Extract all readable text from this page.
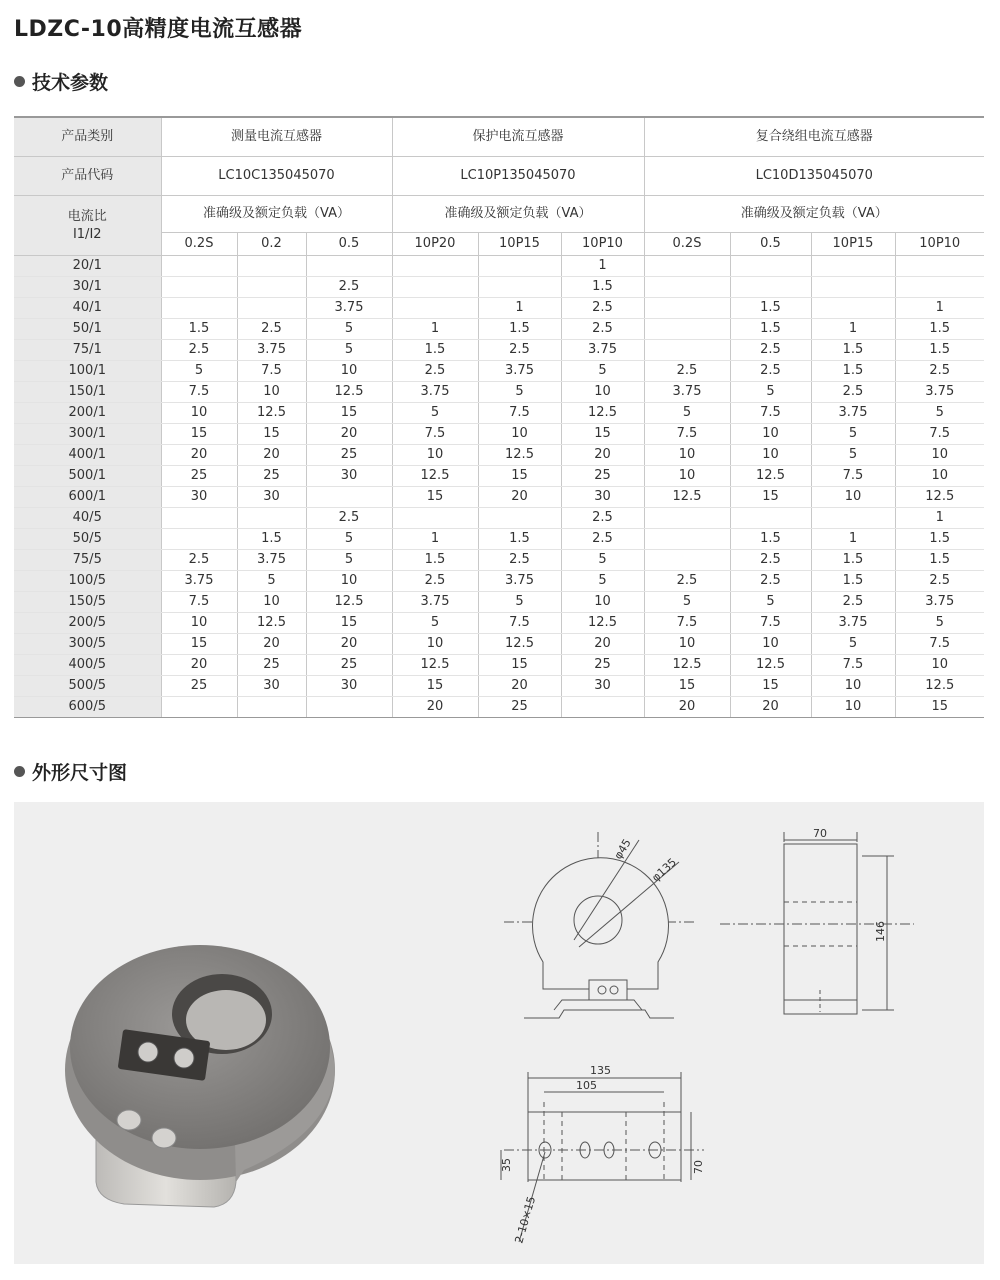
LDZC-10高精度电流互感器
技术参数
产品类别	测量电流互感器			保护电流互感器			复合绕组电流互感器			
产品代码	LC10C135045070			LC10P135045070			LC10D135045070			

电流比
I1/I2	准确级及额定负载（VA）			准确级及额定负载（VA）			准确级及额定负载（VA）			
	0.2S	0.2	0.5	10P20	10P15	10P10	0.2S	0.5	10P15	10P10
20/1						1				
30/1			2.5			1.5				
40/1			3.75		1	2.5		1.5		1
50/1	1.5	2.5	5	1	1.5	2.5		1.5	1	1.5
75/1	2.5	3.75	5	1.5	2.5	3.75		2.5	1.5	1.5
100/1	5	7.5	10	2.5	3.75	5	2.5	2.5	1.5	2.5
150/1	7.5	10	12.5	3.75	5	10	3.75	5	2.5	3.75
200/1	10	12.5	15	5	7.5	12.5	5	7.5	3.75	5
300/1	15	15	20	7.5	10	15	7.5	10	5	7.5
400/1	20	20	25	10	12.5	20	10	10	5	10
500/1	25	25	30	12.5	15	25	10	12.5	7.5	10
600/1	30	30		15	20	30	12.5	15	10	12.5
40/5			2.5			2.5				1
50/5		1.5	5	1	1.5	2.5		1.5	1	1.5
75/5	2.5	3.75	5	1.5	2.5	5		2.5	1.5	1.5
100/5	3.75	5	10	2.5	3.75	5	2.5	2.5	1.5	2.5
150/5	7.5	10	12.5	3.75	5	10	5	5	2.5	3.75
200/5	10	12.5	15	5	7.5	12.5	7.5	7.5	3.75	5
300/5	15	20	20	10	12.5	20	10	10	5	7.5
400/5	20	25	25	12.5	15	25	12.5	12.5	7.5	10
500/5	25	30	30	15	20	30	15	15	10	12.5
600/5				20	25		20	20	10	15
外形尺寸图
φ45
φ135
70
146
135
105
35	70
2-10×15
